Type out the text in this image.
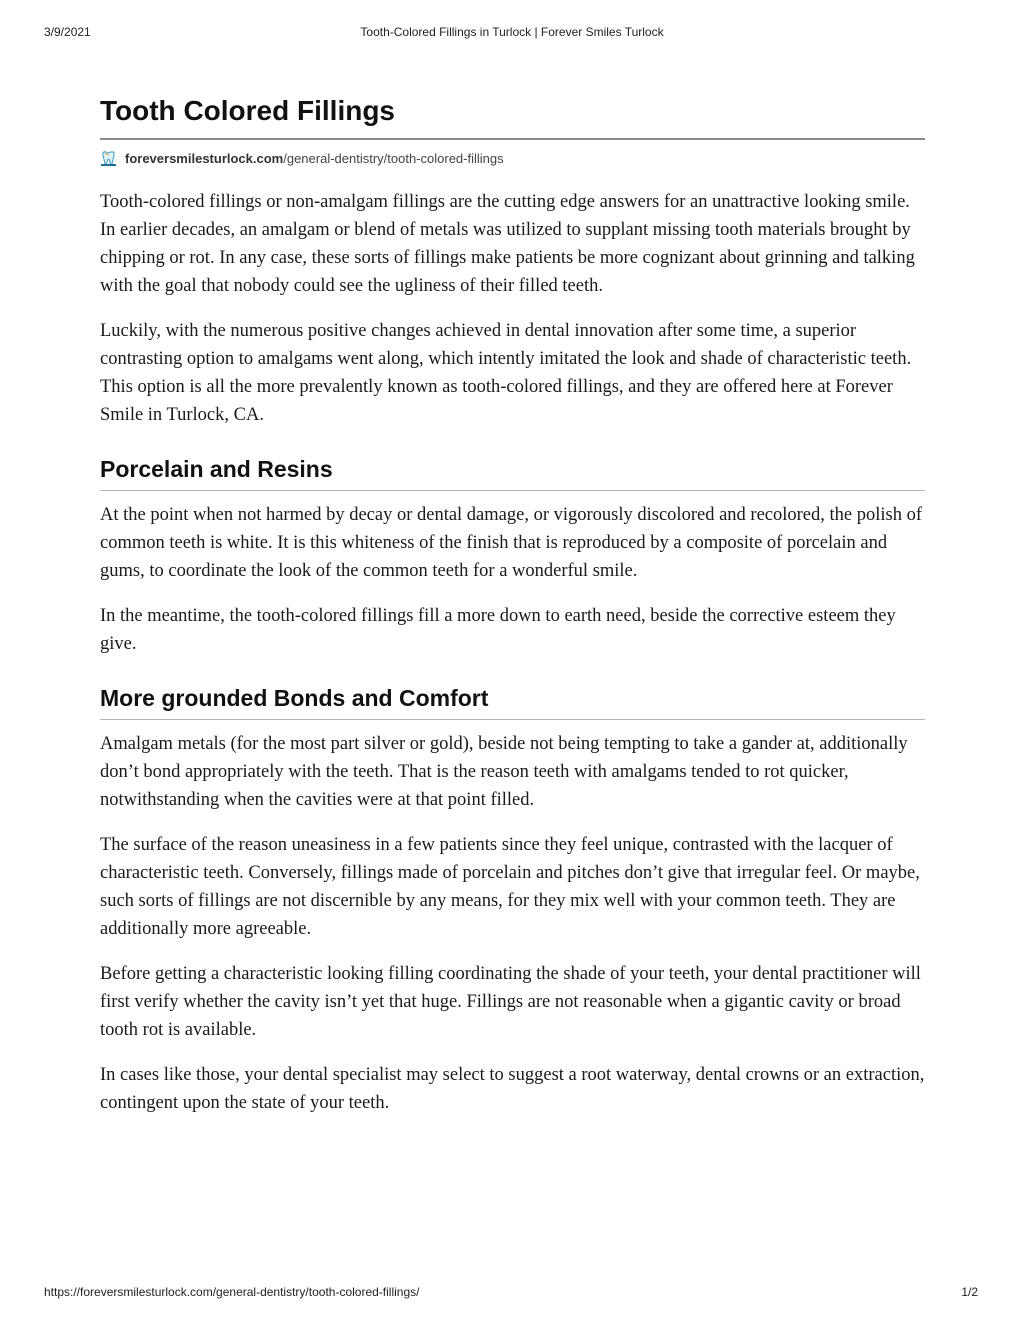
3/9/2021	Tooth-Colored Fillings in Turlock | Forever Smiles Turlock
Tooth Colored Fillings
foreversmilesturlock.com /general-dentistry/tooth-colored-fillings

Tooth-colored fillings or non-amalgam fillings are the cutting edge answers for an unattractive looking smile. In earlier decades, an amalgam or blend of metals was utilized to supplant missing tooth materials brought by chipping or rot. In any case, these sorts of fillings make patients be more cognizant about grinning and talking with the goal that nobody could see the ugliness of their filled teeth.

Luckily, with the numerous positive changes achieved in dental innovation after some time, a superior contrasting option to amalgams went along, which intently imitated the look and shade of characteristic teeth. This option is all the more prevalently known as tooth-colored fillings, and they are offered here at Forever Smile in Turlock, CA.

Porcelain and Resins

At the point when not harmed by decay or dental damage, or vigorously discolored and recolored, the polish of common teeth is white. It is this whiteness of the finish that is reproduced by a composite of porcelain and gums, to coordinate the look of the common teeth for a wonderful smile.

In the meantime, the tooth-colored fillings fill a more down to earth need, beside the corrective esteem they give.

More grounded Bonds and Comfort

Amalgam metals (for the most part silver or gold), beside not being tempting to take a gander at, additionally don’t bond appropriately with the teeth. That is the reason teeth with amalgams tended to rot quicker, notwithstanding when the cavities were at that point filled.

The surface of the reason uneasiness in a few patients since they feel unique, contrasted with the lacquer of characteristic teeth. Conversely, fillings made of porcelain and pitches don’t give that irregular feel. Or maybe, such sorts of fillings are not discernible by any means, for they mix well with your common teeth. They are additionally more agreeable.

Before getting a characteristic looking filling coordinating the shade of your teeth, your dental practitioner will first verify whether the cavity isn’t yet that huge. Fillings are not reasonable when a gigantic cavity or broad tooth rot is available.

In cases like those, your dental specialist may select to suggest a root waterway, dental crowns or an extraction, contingent upon the state of your teeth.

https://foreversmilesturlock.com/general-dentistry/tooth-colored-fillings/	1/2
